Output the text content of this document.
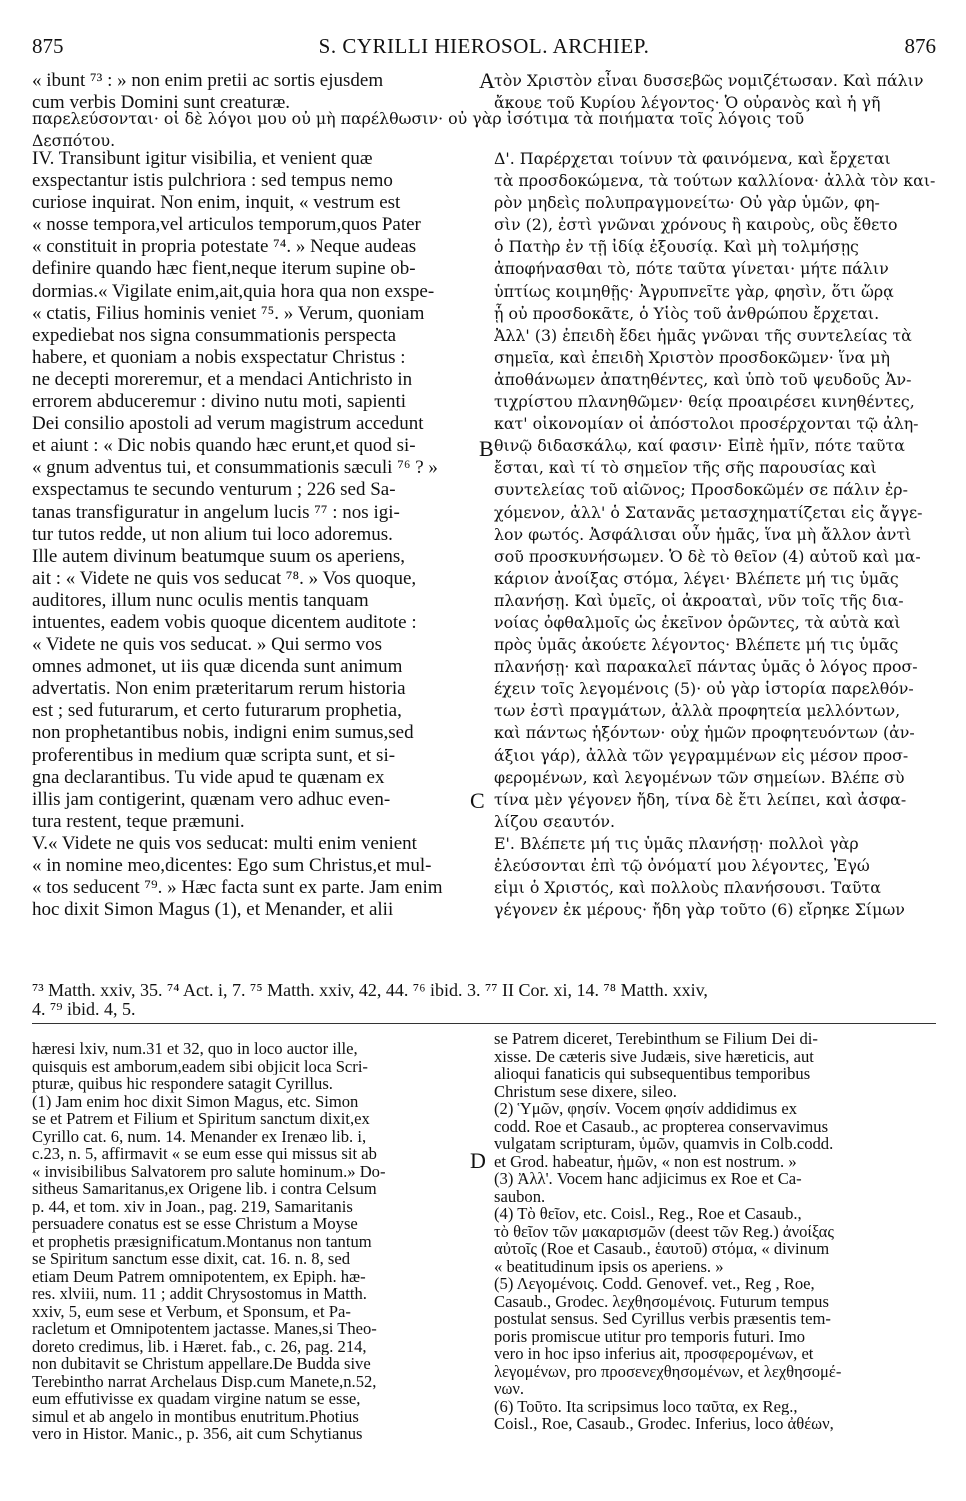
875	S. CYRILLI HIEROSOL. ARCHIEP.	876
« ibunt ⁷³ : » non enim pretii ac sortis ejusdem
cum verbis Domini sunt creaturæ.
τὸν Χριστὸν εἶναι δυσσεβῶς νομιζέτωσαν. Καὶ πάλιν
ἄκουε τοῦ Κυρίου λέγοντος· Ὁ οὐρανὸς καὶ ἡ γῆ
παρελεύσονται· οἱ δὲ λόγοι μου οὐ μὴ παρέλθωσιν· οὐ γὰρ ἰσότιμα τὰ ποιήματα τοῖς λόγοις τοῦ
Δεσπότου.
IV. Transibunt igitur visibilia, et venient quæ
exspectantur istis pulchriora : sed tempus nemo
curiose inquirat. Non enim, inquit, « vestrum est
« nosse tempora,vel articulos temporum,quos Pater
« constituit in propria potestate ⁷⁴. » Neque audeas
definire quando hæc fient,neque iterum supine ob-
dormias.« Vigilate enim,ait,quia hora qua non exspe-
« ctatis, Filius hominis veniet ⁷⁵. » Verum, quoniam
expediebat nos signa consummationis perspecta
habere, et quoniam a nobis exspectatur Christus :
ne decepti moreremur, et a mendaci Antichristo in
errorem abduceremur : divino nutu moti, sapienti
Dei consilio apostoli ad verum magistrum accedunt
et aiunt : « Dic nobis quando hæc erunt,et quod si-
« gnum adventus tui, et consummationis sæculi ⁷⁶ ? »
exspectamus te secundo venturum ; 226 sed Sa-
tanas transfiguratur in angelum lucis ⁷⁷ : nos igi-
tur tutos redde, ut non alium tui loco adoremus.
Ille autem divinum beatumque suum os aperiens,
ait : « Videte ne quis vos seducat ⁷⁸. » Vos quoque,
auditores, illum nunc oculis mentis tanquam
intuentes, eadem vobis quoque dicentem auditote :
« Videte ne quis vos seducat. » Qui sermo vos
omnes admonet, ut iis quæ dicenda sunt animum
advertatis. Non enim præteritarum rerum historia
est ; sed futurarum, et certo futurarum prophetia,
non prophetantibus nobis, indigni enim sumus,sed
proferentibus in medium quæ scripta sunt, et si-
gna declarantibus. Tu vide apud te quænam ex
illis jam contigerint, quænam vero adhuc even-
tura restent, teque præmuni.
V.« Videte ne quis vos seducat: multi enim venient
« in nomine meo,dicentes: Ego sum Christus,et mul-
« tos seducent ⁷⁹. » Hæc facta sunt ex parte. Jam enim
hoc dixit Simon Magus (1), et Menander, et alii
Δ'. Παρέρχεται τοίνυν τὰ φαινόμενα, καὶ ἔρχεται
τὰ προσδοκώμενα, τὰ τούτων καλλίονα· ἀλλὰ τὸν και-
ρὸν μηδεὶς πολυπραγμονείτω· Οὐ γὰρ ὑμῶν, φη-
σὶν (2), ἐστὶ γνῶναι χρόνους ἢ καιροὺς, οὓς ἔθετο
ὁ Πατὴρ ἐν τῇ ἰδίᾳ ἐξουσίᾳ. Καὶ μὴ τολμήσῃς
ἀποφήνασθαι τὸ, πότε ταῦτα γίνεται· μήτε πάλιν
ὑπτίως κοιμηθῇς· Ἀγρυπνεῖτε γὰρ, φησὶν, ὅτι ὥρᾳ
ᾗ οὐ προσδοκᾶτε, ὁ Υἱὸς τοῦ ἀνθρώπου ἔρχεται.
Ἀλλ' (3) ἐπειδὴ ἔδει ἡμᾶς γνῶναι τῆς συντελείας τὰ
σημεῖα, καὶ ἐπειδὴ Χριστὸν προσδοκῶμεν· ἵνα μὴ
ἀποθάνωμεν ἀπατηθέντες, καὶ ὑπὸ τοῦ ψευδοῦς Ἀν-
τιχρίστου πλανηθῶμεν· θείᾳ προαιρέσει κινηθέντες,
κατ' οἰκονομίαν οἱ ἀπόστολοι προσέρχονται τῷ ἀλη-
θινῷ διδασκάλῳ, καί φασιν· Εἰπὲ ἡμῖν, πότε ταῦτα
ἔσται, καὶ τί τὸ σημεῖον τῆς σῆς παρουσίας καὶ
συντελείας τοῦ αἰῶνος; Προσδοκῶμέν σε πάλιν ἐρ-
χόμενον, ἀλλ' ὁ Σατανᾶς μετασχηματίζεται εἰς ἄγγε-
λον φωτός. Ἀσφάλισαι οὖν ἡμᾶς, ἵνα μὴ ἄλλον ἀντὶ
σοῦ προσκυνήσωμεν. Ὁ δὲ τὸ θεῖον (4) αὐτοῦ καὶ μα-
κάριον ἀνοίξας στόμα, λέγει· Βλέπετε μή τις ὑμᾶς
πλανήσῃ. Καὶ ὑμεῖς, οἱ ἀκροαταὶ, νῦν τοῖς τῆς δια-
νοίας ὀφθαλμοῖς ὡς ἐκεῖνον ὁρῶντες, τὰ αὐτὰ καὶ
πρὸς ὑμᾶς ἀκούετε λέγοντος· Βλέπετε μή τις ὑμᾶς
πλανήσῃ· καὶ παρακαλεῖ πάντας ὑμᾶς ὁ λόγος προσ-
έχειν τοῖς λεγομένοις (5)· οὐ γὰρ ἱστορία παρελθόν-
των ἐστὶ πραγμάτων, ἀλλὰ προφητεία μελλόντων,
καὶ πάντως ἡξόντων· οὐχ ἡμῶν προφητευόντων (ἀν-
άξιοι γάρ), ἀλλὰ τῶν γεγραμμένων εἰς μέσον προσ-
φερομένων, καὶ λεγομένων τῶν σημείων. Βλέπε σὺ
τίνα μὲν γέγονεν ἤδη, τίνα δὲ ἔτι λείπει, καὶ ἀσφα-
λίζου σεαυτόν.
Ε'. Βλέπετε μή τις ὑμᾶς πλανήσῃ· πολλοὶ γὰρ
ἐλεύσονται ἐπὶ τῷ ὀνόματί μου λέγοντες, Ἐγώ
εἰμι ὁ Χριστός, καὶ πολλοὺς πλανήσουσι. Ταῦτα
γέγονεν ἐκ μέρους· ἤδη γὰρ τοῦτο (6) εἴρηκε Σίμων
A
B
C
D
⁷³ Matth. xxiv, 35. ⁷⁴ Act. i, 7. ⁷⁵ Matth. xxiv, 42, 44. ⁷⁶ ibid. 3. ⁷⁷ II Cor. xi, 14. ⁷⁸ Matth. xxiv,
4. ⁷⁹ ibid. 4, 5.
hæresi lxiv, num.31 et 32, quo in loco auctor ille,
quisquis est amborum,eadem sibi objicit loca Scri-
pturæ, quibus hic respondere satagit Cyrillus.
(1) Jam enim hoc dixit Simon Magus, etc. Simon
se et Patrem et Filium et Spiritum sanctum dixit,ex
Cyrillo cat. 6, num. 14. Menander ex Irenæo lib. i,
c.23, n. 5, affirmavit « se eum esse qui missus sit ab
« invisibilibus Salvatorem pro salute hominum.» Do-
sitheus Samaritanus,ex Origene lib. i contra Celsum
p. 44, et tom. xiv in Joan., pag. 219, Samaritanis
persuadere conatus est se esse Christum a Moyse
et prophetis præsignificatum.Montanus non tantum
se Spiritum sanctum esse dixit, cat. 16. n. 8, sed
etiam Deum Patrem omnipotentem, ex Epiph. hæ-
res. xlviii, num. 11 ; addit Chrysostomus in Matth.
xxiv, 5, eum sese et Verbum, et Sponsum, et Pa-
racletum et Omnipotentem jactasse. Manes,si Theo-
doreto credimus, lib. i Hæret. fab., c. 26, pag. 214,
non dubitavit se Christum appellare.De Budda sive
Terebintho narrat Archelaus Disp.cum Manete,n.52,
eum effutivisse ex quadam virgine natum se esse,
simul et ab angelo in montibus enutritum.Photius
vero in Histor. Manic., p. 356, ait cum Schytianus
se Patrem diceret, Terebinthum se Filium Dei di-
xisse. De cæteris sive Judæis, sive hæreticis, aut
alioqui fanaticis qui subsequentibus temporibus
Christum sese dixere, sileo.
(2) Ὑμῶν, φησίν. Vocem φησίν addidimus ex
codd. Roe et Casaub., ac propterea conservavimus
vulgatam scripturam, ὑμῶν, quamvis in Colb.codd.
et Grod. habeatur, ἡμῶν, « non est nostrum. »
(3) Ἀλλ'. Vocem hanc adjicimus ex Roe et Ca-
saubon.
(4) Τὸ θεῖον, etc. Coisl., Reg., Roe et Casaub.,
τὸ θεῖον τῶν μακαρισμῶν (deest τῶν Reg.) ἀνοίξας
αὐτοῖς (Roe et Casaub., ἑαυτοῦ) στόμα, « divinum
« beatitudinum ipsis os aperiens. »
(5) Λεγομένοις. Codd. Genovef. vet., Reg , Roe,
Casaub., Grodec. λεχθησομένοις. Futurum tempus
postulat sensus. Sed Cyrillus verbis præsentis tem-
poris promiscue utitur pro temporis futuri. Imo
vero in hoc ipso inferius ait, προσφερομένων, et
λεγομένων, pro προσενεχθησομένων, et λεχθησομέ-
νων.
(6) Τοῦτο. Ita scripsimus loco ταῦτα, ex Reg.,
Coisl., Roe, Casaub., Grodec. Inferius, loco ἀθέων,
